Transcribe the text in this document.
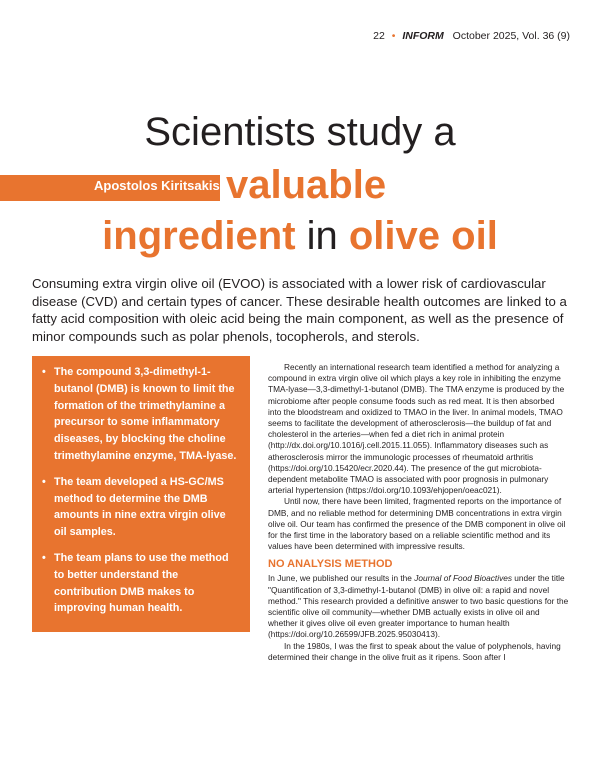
22 • INFORM October 2025, Vol. 36 (9)
Scientists study a
Apostolos Kiritsakis valuable
ingredient in olive oil
Consuming extra virgin olive oil (EVOO) is associated with a lower risk of cardiovascular disease (CVD) and certain types of cancer. These desirable health outcomes are linked to a fatty acid composition with oleic acid being the main component, as well as the presence of minor compounds such as polar phenols, tocopherols, and sterols.
• The compound 3,3-dimethyl-1-butanol (DMB) is known to limit the formation of the trimethylamine a precursor to some inflammatory diseases, by blocking the choline trimethylamine enzyme, TMA-lyase.
• The team developed a HS-GC/MS method to determine the DMB amounts in nine extra virgin olive oil samples.
• The team plans to use the method to better understand the contribution DMB makes to improving human health.

Recently an international research team identified a method for analyzing a compound in extra virgin olive oil which plays a key role in inhibiting the enzyme TMA-lyase—3,3-dimethyl-1-butanol (DMB). The TMA enzyme is produced by the microbiome after people consume foods such as red meat. It is then absorbed into the bloodstream and oxidized to TMAO in the liver. In animal models, TMAO seems to facilitate the development of atherosclerosis—the buildup of fat and cholesterol in the arteries—when fed a diet rich in animal protein (http://dx.doi.org/10.1016/j.cell.2015.11.055). Inflammatory diseases such as atherosclerosis mirror the immunologic processes of rheumatoid arthritis (https://doi.org/10.15420/ecr.2020.44). The presence of the gut microbiota-dependent metabolite TMAO is associated with poor prognosis in pulmonary arterial hypertension (https://doi.org/10.1093/ehjopen/oeac021).

Until now, there have been limited, fragmented reports on the importance of DMB, and no reliable method for determining DMB concentrations in extra virgin olive oil. Our team has confirmed the presence of the DMB component in olive oil for the first time in the laboratory based on a reliable scientific method and its values have been determined with impressive results.

NO ANALYSIS METHOD

In June, we published our results in the Journal of Food Bioactives under the title "Quantification of 3,3-dimethyl-1-butanol (DMB) in olive oil: a rapid and novel method." This research provided a definitive answer to two basic questions for the scientific olive oil community—whether DMB actually exists in olive oil and whether it gives olive oil even greater importance to human health (https://doi.org/10.26599/JFB.2025.95030413).

In the 1980s, I was the first to speak about the value of polyphenols, having determined their change in the olive fruit as it ripens. Soon after I
